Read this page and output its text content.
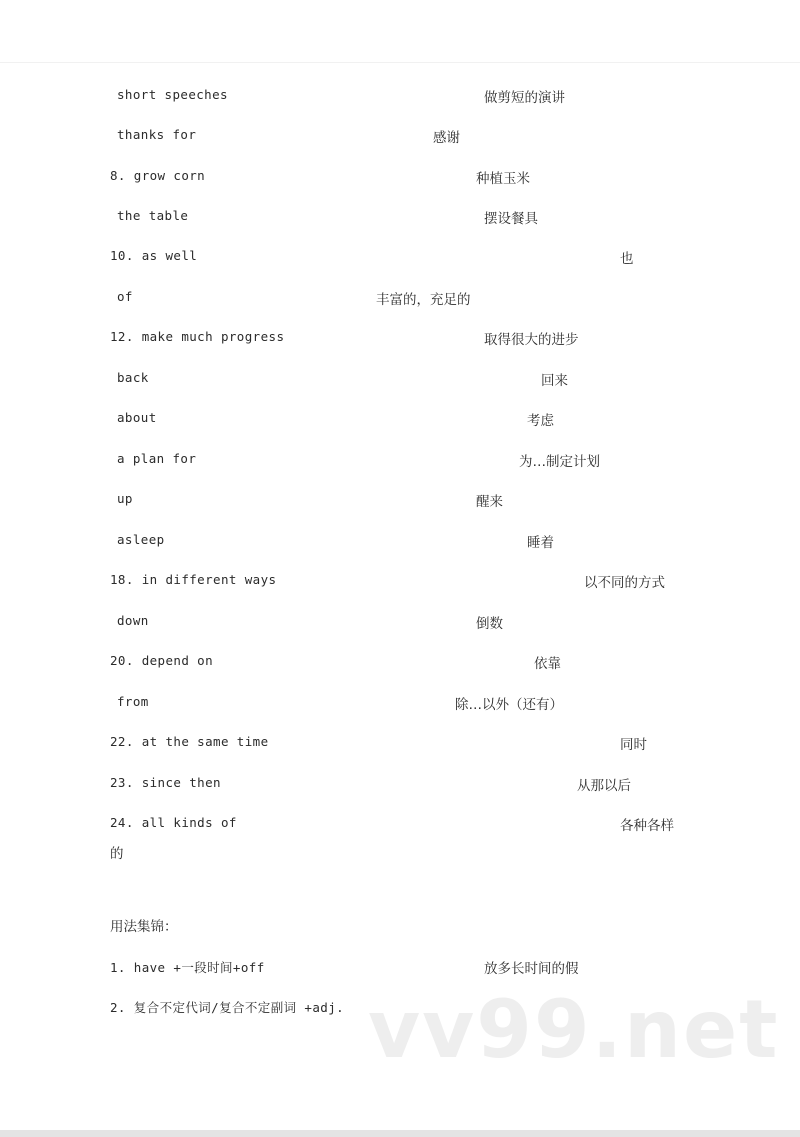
short speeches	做剪短的演讲
thanks for	感谢
8. grow corn	种植玉米
the table	摆设餐具
10. as well	也
of	丰富的，充足的
12. make much progress	取得很大的进步
back	回来
about	考虑
a plan for	为…制定计划
up	醒来
asleep	睡着
18. in different ways	以不同的方式
down	倒数
20. depend on	依靠
from	除…以外（还有）
22. at the same time	同时
23. since then	从那以后
24. all kinds of	各种各样
的
用法集锦：
1. have +一段时间+off	放多长时间的假
2. 复合不定代词/复合不定副词 +adj. vv99.net
